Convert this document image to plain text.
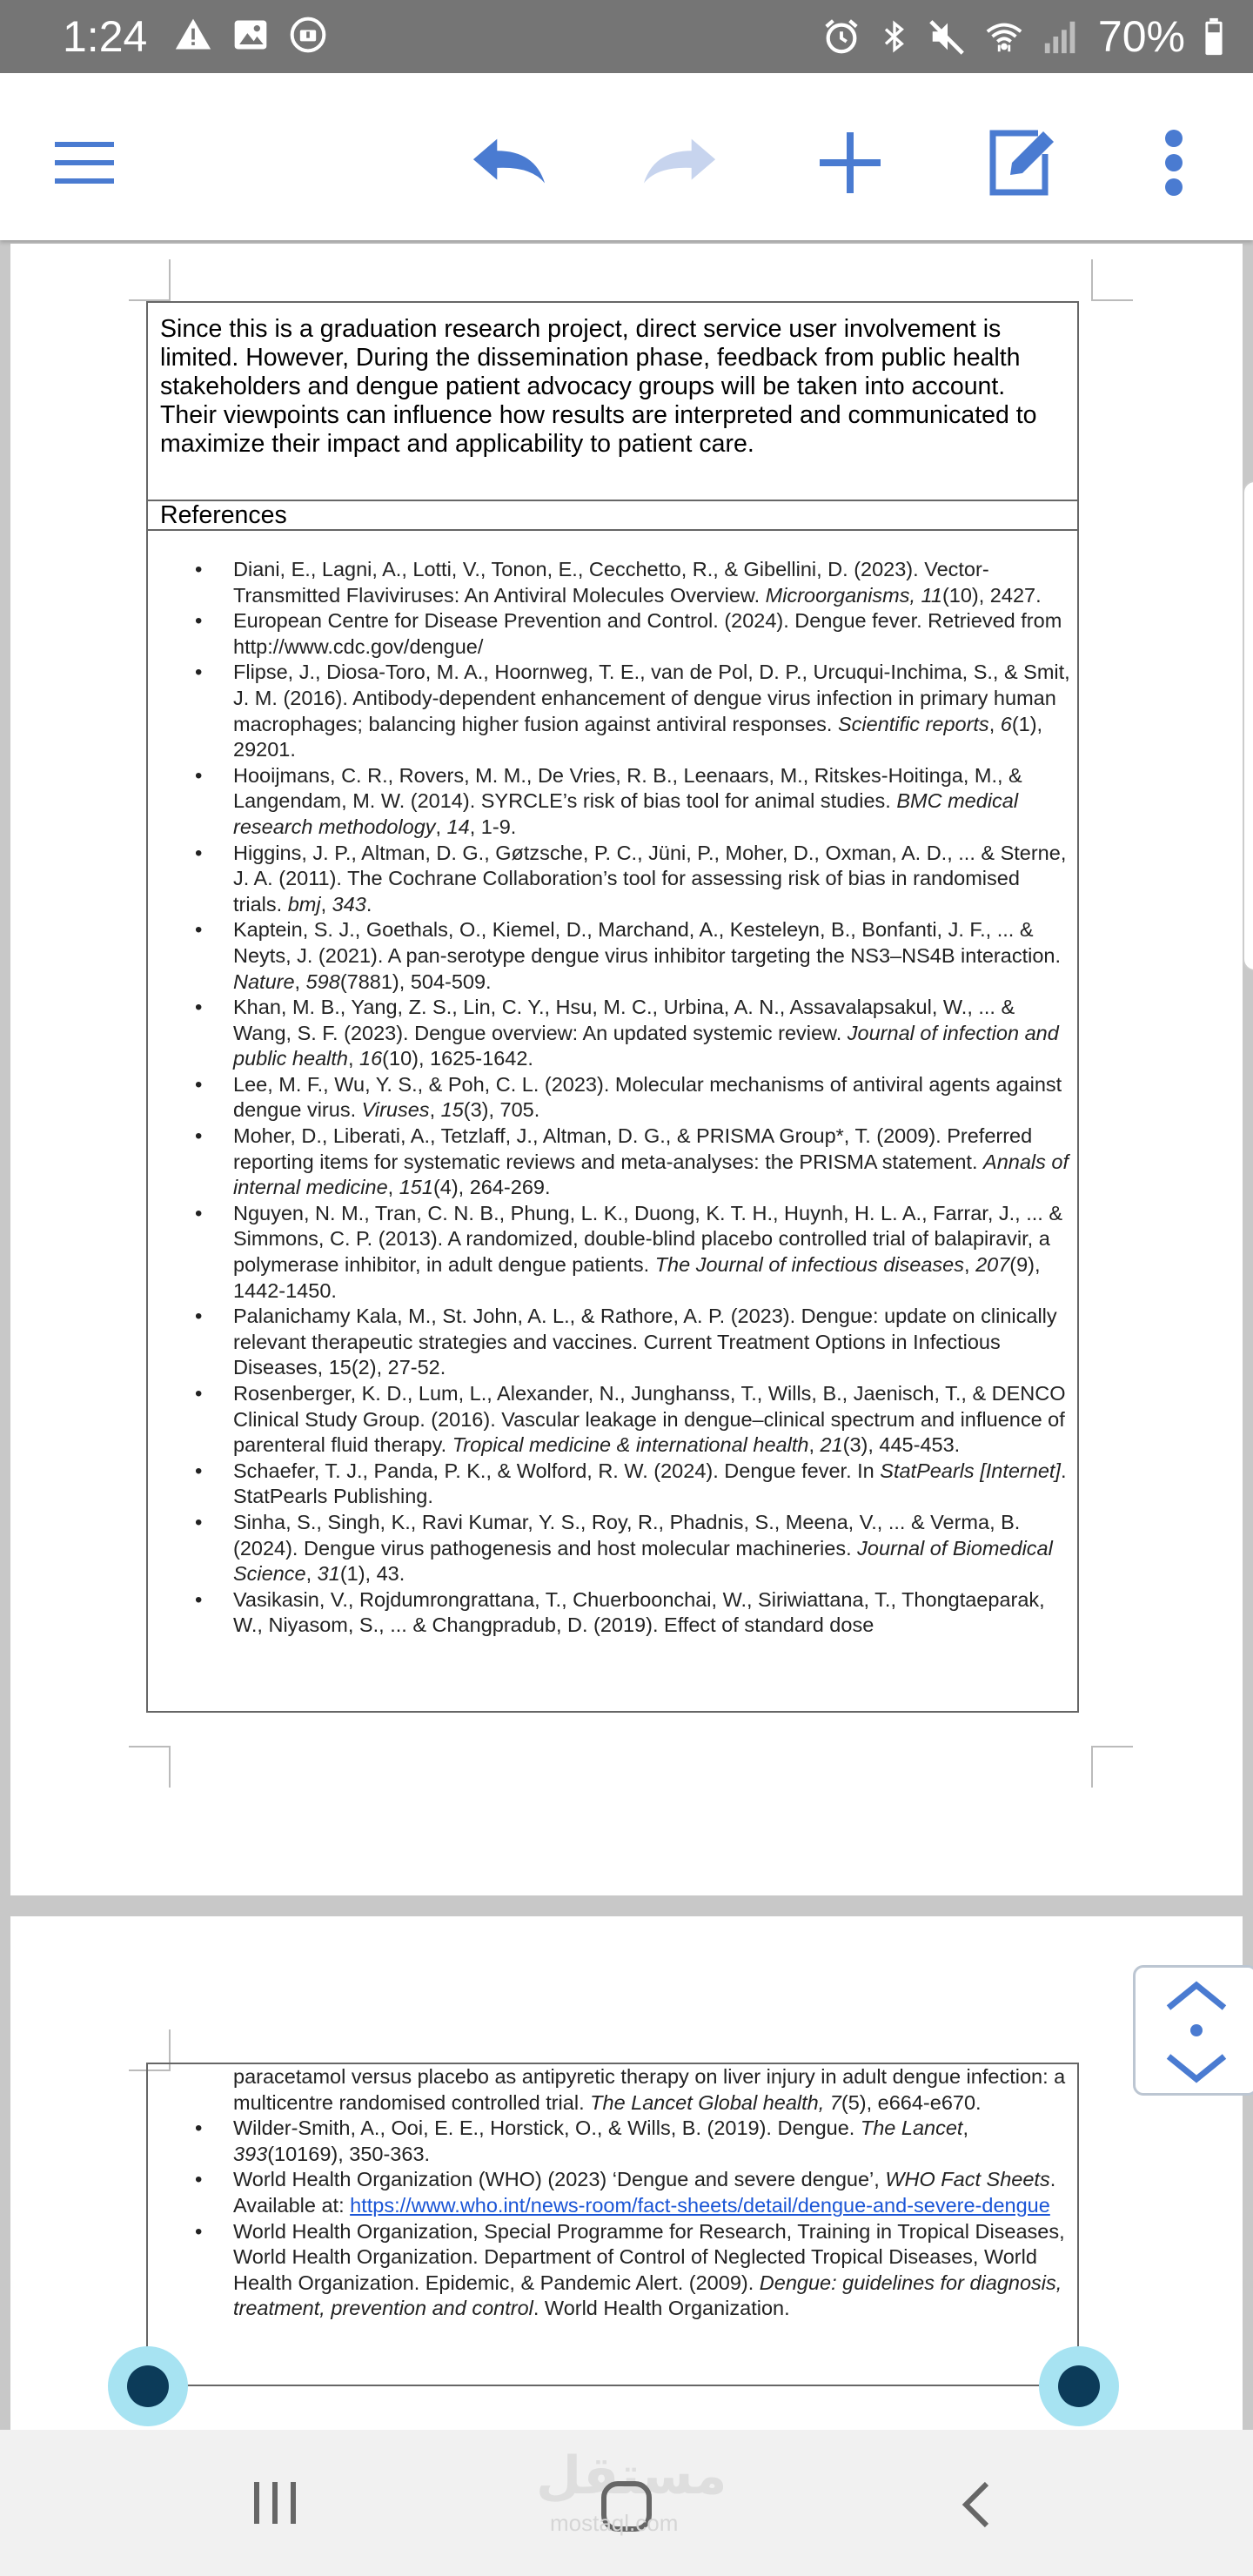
1:24	70%
Since this is a graduation research project, direct service user involvement is limited. However, During the dissemination phase, feedback from public health stakeholders and dengue patient advocacy groups will be taken into account. Their viewpoints can influence how results are interpreted and communicated to maximize their impact and applicability to patient care.
References
• Diani, E., Lagni, A., Lotti, V., Tonon, E., Cecchetto, R., & Gibellini, D. (2023). Vector-Transmitted Flaviviruses: An Antiviral Molecules Overview. Microorganisms, 11(10), 2427.
• European Centre for Disease Prevention and Control. (2024). Dengue fever. Retrieved from http://www.cdc.gov/dengue/
• Flipse, J., Diosa-Toro, M. A., Hoornweg, T. E., van de Pol, D. P., Urcuqui-Inchima, S., & Smit, J. M. (2016). Antibody-dependent enhancement of dengue virus infection in primary human macrophages; balancing higher fusion against antiviral responses. Scientific reports, 6(1), 29201.
• Hooijmans, C. R., Rovers, M. M., De Vries, R. B., Leenaars, M., Ritskes-Hoitinga, M., & Langendam, M. W. (2014). SYRCLE’s risk of bias tool for animal studies. BMC medical research methodology, 14, 1-9.
• Higgins, J. P., Altman, D. G., Gøtzsche, P. C., Jüni, P., Moher, D., Oxman, A. D., ... & Sterne, J. A. (2011). The Cochrane Collaboration’s tool for assessing risk of bias in randomised trials. bmj, 343.
• Kaptein, S. J., Goethals, O., Kiemel, D., Marchand, A., Kesteleyn, B., Bonfanti, J. F., ... & Neyts, J. (2021). A pan-serotype dengue virus inhibitor targeting the NS3–NS4B interaction. Nature, 598(7881), 504-509.
• Khan, M. B., Yang, Z. S., Lin, C. Y., Hsu, M. C., Urbina, A. N., Assavalapsakul, W., ... & Wang, S. F. (2023). Dengue overview: An updated systemic review. Journal of infection and public health, 16(10), 1625-1642.
• Lee, M. F., Wu, Y. S., & Poh, C. L. (2023). Molecular mechanisms of antiviral agents against dengue virus. Viruses, 15(3), 705.
• Moher, D., Liberati, A., Tetzlaff, J., Altman, D. G., & PRISMA Group*, T. (2009). Preferred reporting items for systematic reviews and meta-analyses: the PRISMA statement. Annals of internal medicine, 151(4), 264-269.
• Nguyen, N. M., Tran, C. N. B., Phung, L. K., Duong, K. T. H., Huynh, H. L. A., Farrar, J., ... & Simmons, C. P. (2013). A randomized, double-blind placebo controlled trial of balapiravir, a polymerase inhibitor, in adult dengue patients. The Journal of infectious diseases, 207(9), 1442-1450.
• Palanichamy Kala, M., St. John, A. L., & Rathore, A. P. (2023). Dengue: update on clinically relevant therapeutic strategies and vaccines. Current Treatment Options in Infectious Diseases, 15(2), 27-52.
• Rosenberger, K. D., Lum, L., Alexander, N., Junghanss, T., Wills, B., Jaenisch, T., & DENCO Clinical Study Group. (2016). Vascular leakage in dengue–clinical spectrum and influence of parenteral fluid therapy. Tropical medicine & international health, 21(3), 445-453.
• Schaefer, T. J., Panda, P. K., & Wolford, R. W. (2024). Dengue fever. In StatPearls [Internet]. StatPearls Publishing.
• Sinha, S., Singh, K., Ravi Kumar, Y. S., Roy, R., Phadnis, S., Meena, V., ... & Verma, B. (2024). Dengue virus pathogenesis and host molecular machineries. Journal of Biomedical Science, 31(1), 43.
• Vasikasin, V., Rojdumrongrattana, T., Chuerboonchai, W., Siriwiattana, T., Thongtaeparak, W., Niyasom, S., ... & Changpradub, D. (2019). Effect of standard dose
paracetamol versus placebo as antipyretic therapy on liver injury in adult dengue infection: a multicentre randomised controlled trial. The Lancet Global health, 7(5), e664-e670.
• Wilder-Smith, A., Ooi, E. E., Horstick, O., & Wills, B. (2019). Dengue. The Lancet, 393(10169), 350-363.
• World Health Organization (WHO) (2023) ‘Dengue and severe dengue’, WHO Fact Sheets. Available at: https://www.who.int/news-room/fact-sheets/detail/dengue-and-severe-dengue
• World Health Organization, Special Programme for Research, Training in Tropical Diseases, World Health Organization. Department of Control of Neglected Tropical Diseases, World Health Organization. Epidemic, & Pandemic Alert. (2009). Dengue: guidelines for diagnosis, treatment, prevention and control. World Health Organization.
مستقل
mostaql.com
